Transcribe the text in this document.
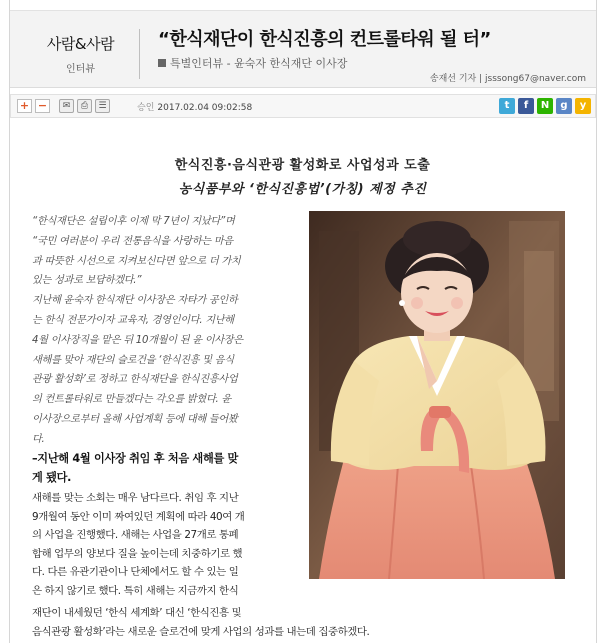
사람&사람
인터뷰
“한식재단이 한식진흥의 컨트롤타워 될 터”
특별인터뷰 - 윤숙자 한식재단 이사장
송재선 기자 | jsssong67@naver.com
+ −	✉	⎙	☰	승인 2017.02.04 09:02:58	t	f	N	g	y
한식진흥·음식관광 활성화로 사업성과 도출
농식품부와 ‘한식진흥법’(가칭) 제정 추진

“한식재단은 설립이후 이제 막 7년이 지났다”며

“국민 여러분이 우리 전통음식을 사랑하는 마음

과 따뜻한 시선으로 지켜보신다면 앞으로 더 가치

있는 성과로 보답하겠다.”

지난해 윤숙자 한식재단 이사장은 자타가 공인하

는 한식 전문가이자 교육자, 경영인이다. 지난해

4월 이사장직을 맡은 뒤 10개월이 된 윤 이사장은

새해를 맞아 재단의 슬로건을 ‘한식진흥 및 음식

관광 활성화’로 정하고 한식재단을 한식진흥사업

의 컨트롤타워로 만들겠다는 각오를 밝혔다. 윤

이사장으로부터 올해 사업계획 등에 대해 들어봤

다.

–지난해 4월 이사장 취임 후 처음 새해를 맞
게 됐다.
새해를 맞는 소회는 매우 남다르다. 취임 후 지난
9개월여 동안 이미 짜여있던 계획에 따라 40여 개
의 사업을 진행했다. 새해는 사업을 27개로 통폐
합해 업무의 양보다 질을 높이는데 치중하기로 했
다. 다른 유관기관이나 단체에서도 할 수 있는 일
은 하지 않기로 했다. 특히 새해는 지금까지 한식
재단이 내세웠던 ‘한식 세계화’ 대신 ‘한식진흥 및
음식관광 활성화’라는 새로운 슬로건에 맞게 사업의 성과를 내는데 집중하겠다.
